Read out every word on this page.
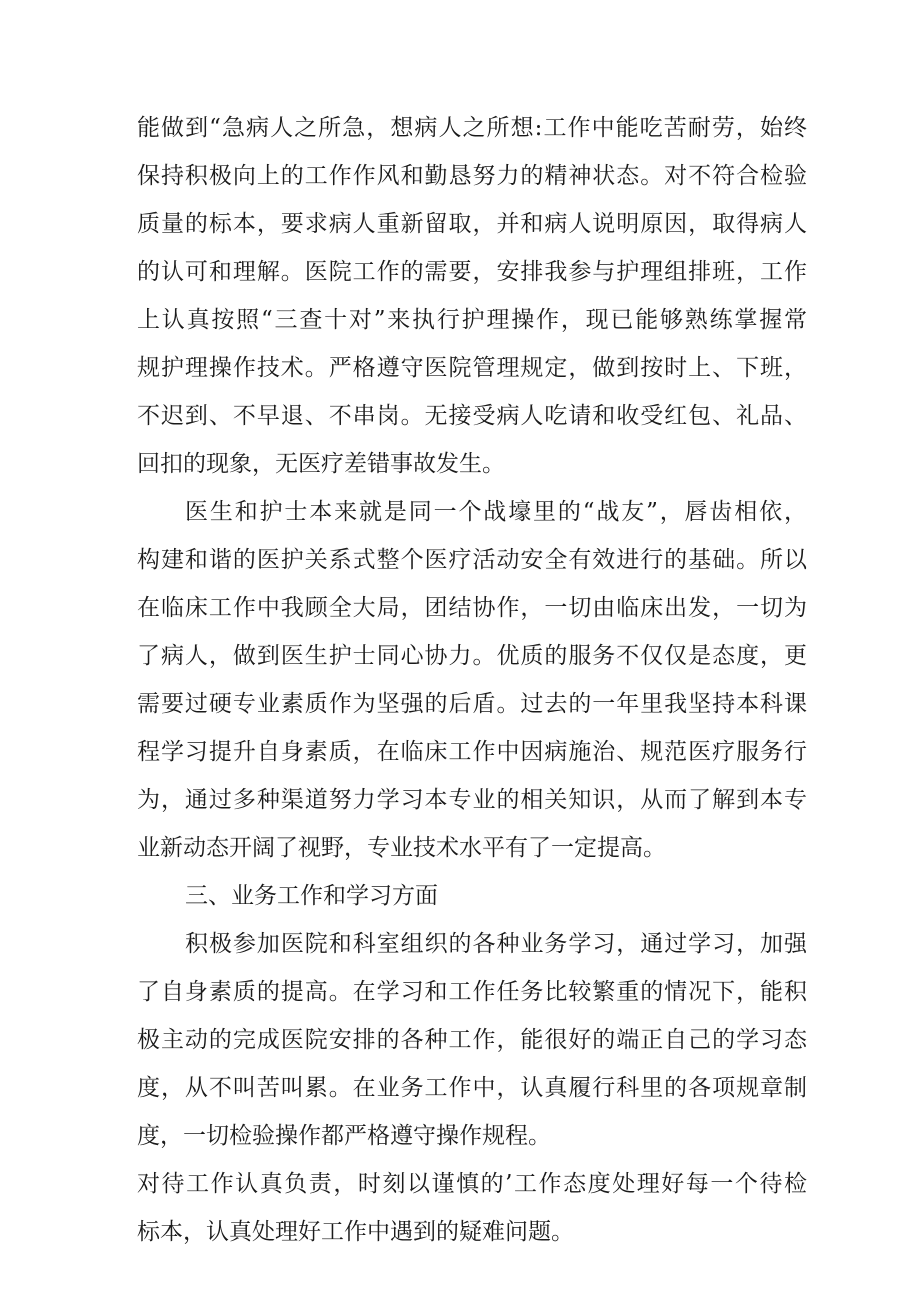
能做到“急病人之所急，想病人之所想:工作中能吃苦耐劳，始终
保持积极向上的工作作风和勤恳努力的精神状态。对不符合检验
质量的标本，要求病人重新留取，并和病人说明原因，取得病人
的认可和理解。医院工作的需要，安排我参与护理组排班，工作
上认真按照“三查十对”来执行护理操作，现已能够熟练掌握常
规护理操作技术。严格遵守医院管理规定，做到按时上、下班，
不迟到、不早退、不串岗。无接受病人吃请和收受红包、礼品、
回扣的现象，无医疗差错事故发生。
医生和护士本来就是同一个战壕里的“战友”，唇齿相依，
构建和谐的医护关系式整个医疗活动安全有效进行的基础。所以
在临床工作中我顾全大局，团结协作，一切由临床出发，一切为
了病人，做到医生护士同心协力。优质的服务不仅仅是态度，更
需要过硬专业素质作为坚强的后盾。过去的一年里我坚持本科课
程学习提升自身素质，在临床工作中因病施治、规范医疗服务行
为，通过多种渠道努力学习本专业的相关知识，从而了解到本专
业新动态开阔了视野，专业技术水平有了一定提高。
三、业务工作和学习方面
积极参加医院和科室组织的各种业务学习，通过学习，加强
了自身素质的提高。在学习和工作任务比较繁重的情况下，能积
极主动的完成医院安排的各种工作，能很好的端正自己的学习态
度，从不叫苦叫累。在业务工作中，认真履行科里的各项规章制
度，一切检验操作都严格遵守操作规程。
对待工作认真负责，时刻以谨慎的’工作态度处理好每一个待检
标本，认真处理好工作中遇到的疑难问题。
